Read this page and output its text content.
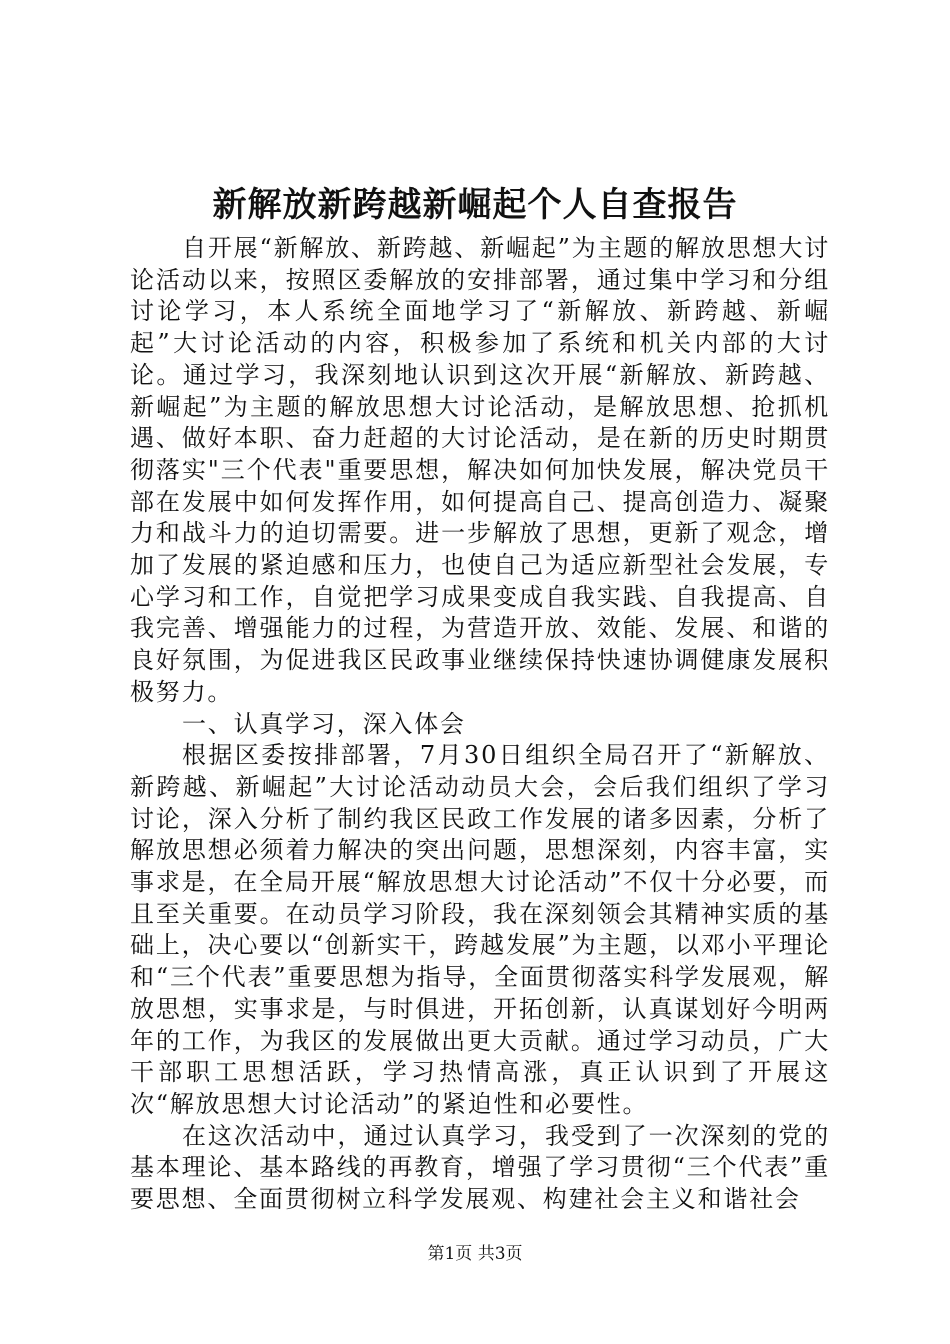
新解放新跨越新崛起个人自查报告

自开展“新解放、新跨越、新崛起”为主题的解放思想大讨论活动以来，按照区委解放的安排部署，通过集中学习和分组讨论学习，本人系统全面地学习了“新解放、新跨越、新崛起”大讨论活动的内容，积极参加了系统和机关内部的大讨论。通过学习，我深刻地认识到这次开展“新解放、新跨越、新崛起”为主题的解放思想大讨论活动，是解放思想、抢抓机遇、做好本职、奋力赶超的大讨论活动，是在新的历史时期贯彻落实"三个代表"重要思想，解决如何加快发展，解决党员干部在发展中如何发挥作用，如何提高自己、提高创造力、凝聚力和战斗力的迫切需要。进一步解放了思想，更新了观念，增加了发展的紧迫感和压力，也使自己为适应新型社会发展，专心学习和工作，自觉把学习成果变成自我实践、自我提高、自我完善、增强能力的过程，为营造开放、效能、发展、和谐的良好氛围，为促进我区民政事业继续保持快速协调健康发展积极努力。

一、认真学习，深入体会

根据区委按排部署，7月30日组织全局召开了“新解放、新跨越、新崛起”大讨论活动动员大会，会后我们组织了学习讨论，深入分析了制约我区民政工作发展的诸多因素，分析了解放思想必须着力解决的突出问题，思想深刻，内容丰富，实事求是，在全局开展“解放思想大讨论活动”不仅十分必要，而且至关重要。在动员学习阶段，我在深刻领会其精神实质的基础上，决心要以“创新实干，跨越发展”为主题，以邓小平理论和“三个代表”重要思想为指导，全面贯彻落实科学发展观，解放思想，实事求是，与时俱进，开拓创新，认真谋划好今明两年的工作，为我区的发展做出更大贡献。通过学习动员，广大干部职工思想活跃，学习热情高涨，真正认识到了开展这次“解放思想大讨论活动”的紧迫性和必要性。

在这次活动中，通过认真学习，我受到了一次深刻的党的基本理论、基本路线的再教育，增强了学习贯彻“三个代表”重要思想、全面贯彻树立科学发展观、构建社会主义和谐社会

第1页 共3页
